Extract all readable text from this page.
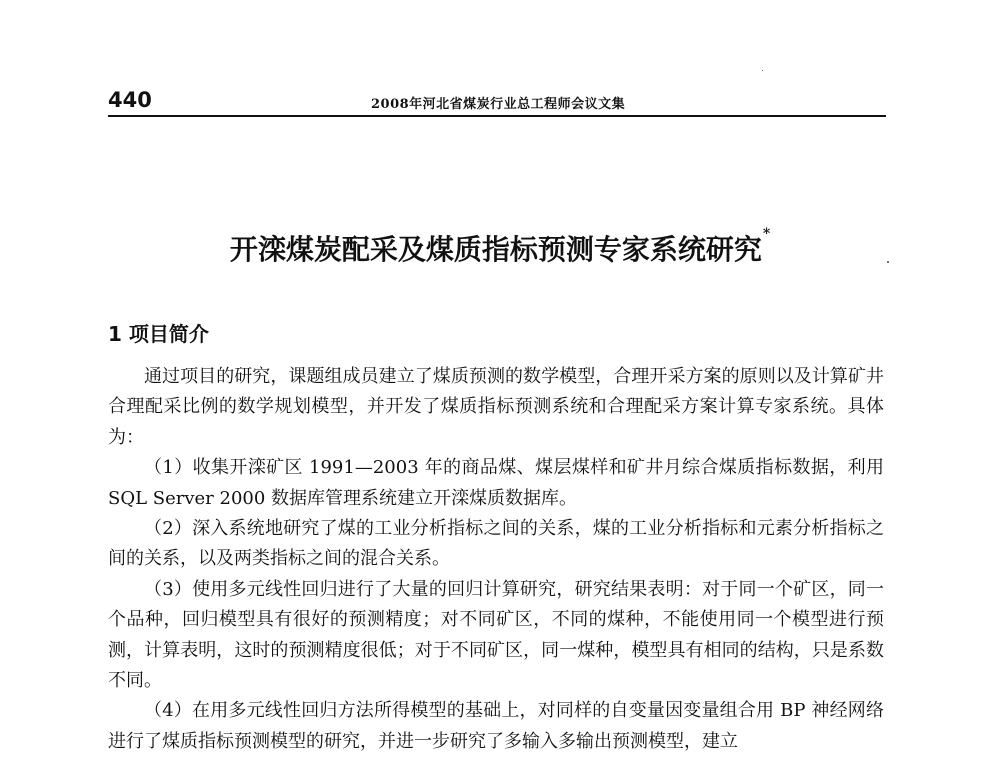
440	2008年河北省煤炭行业总工程师会议文集
开滦煤炭配采及煤质指标预测专家系统研究*
1 项目简介

通过项目的研究，课题组成员建立了煤质预测的数学模型，合理开采方案的原则以及计算矿井合理配采比例的数学规划模型，并开发了煤质指标预测系统和合理配采方案计算专家系统。具体为：

（1）收集开滦矿区 1991—2003 年的商品煤、煤层煤样和矿井月综合煤质指标数据，利用 SQL Server 2000 数据库管理系统建立开滦煤质数据库。

（2）深入系统地研究了煤的工业分析指标之间的关系，煤的工业分析指标和元素分析指标之间的关系，以及两类指标之间的混合关系。

（3）使用多元线性回归进行了大量的回归计算研究，研究结果表明：对于同一个矿区，同一个品种，回归模型具有很好的预测精度；对不同矿区，不同的煤种，不能使用同一个模型进行预测，计算表明，这时的预测精度很低；对于不同矿区，同一煤种，模型具有相同的结构，只是系数不同。

（4）在用多元线性回归方法所得模型的基础上，对同样的自变量因变量组合用 BP 神经网络进行了煤质指标预测模型的研究，并进一步研究了多输入多输出预测模型，建立
